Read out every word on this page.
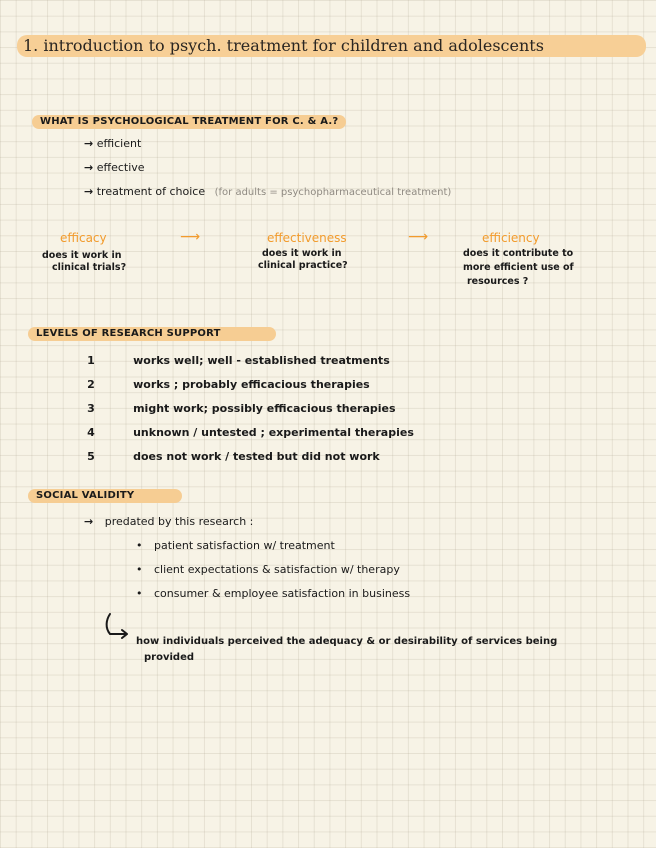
1. introduction to psych. treatment for children and adolescents
WHAT IS PSYCHOLOGICAL TREATMENT FOR C. & A.?
→ efficient
→ effective
→ treatment of choice (for adults = psychopharmaceutical treatment)
efficacy
does it work in
clinical trials?
⟶	effectiveness
does it work in
clinical practice?
⟶	efficiency
does it contribute to
more efficient use of
resources ?
LEVELS OF RESEARCH SUPPORT
1	works well; well - established treatments
2	works ; probably efficacious therapies
3	might work; possibly efficacious therapies
4	unknown / untested ; experimental therapies
5	does not work / tested but did not work
SOCIAL VALIDITY
→ predated by this research :
• patient satisfaction w/ treatment
• client expectations & satisfaction w/ therapy
• consumer & employee satisfaction in business
how individuals perceived the adequacy & or desirability of services being
provided
